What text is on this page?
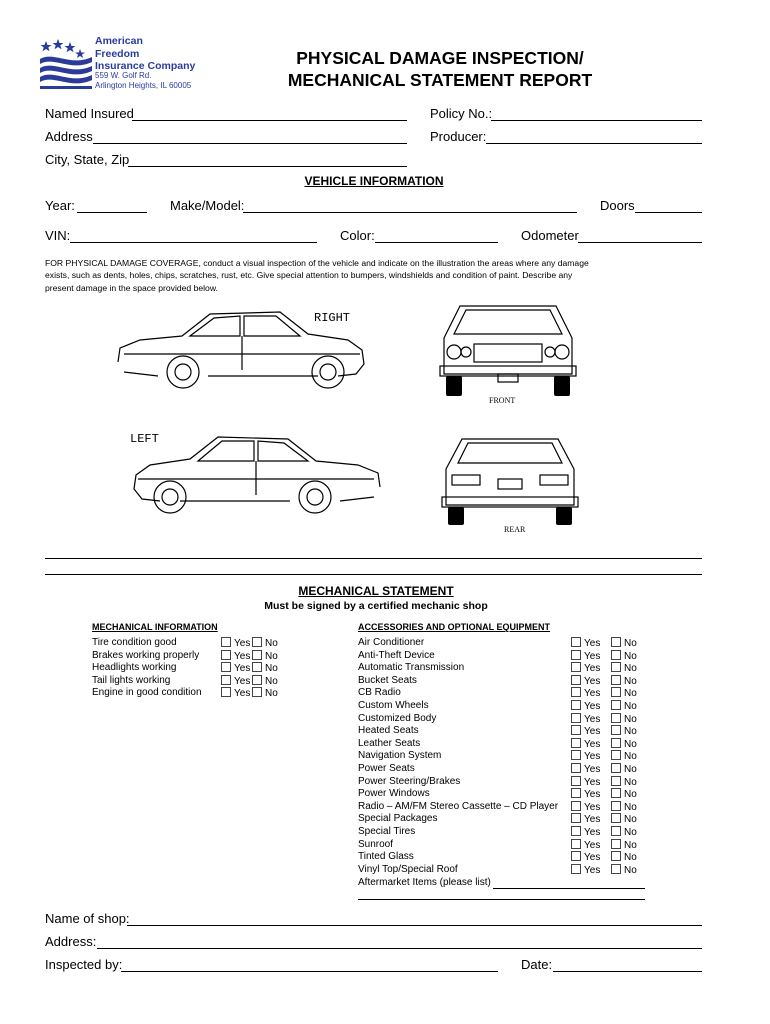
American
Freedom
Insurance Company
559 W. Golf Rd.
Arlington Heights, IL 60005
PHYSICAL DAMAGE INSPECTION/
MECHANICAL STATEMENT REPORT
Named Insured	Policy No.:
Address	Producer:
City, State, Zip
VEHICLE INFORMATION
Year:	Make/Model:	Doors
VIN:	Color:	Odometer
FOR PHYSICAL DAMAGE COVERAGE, conduct a visual inspection of the vehicle and indicate on the illustration the areas where any damage
exists, such as dents, holes, chips, scratches, rust, etc. Give special attention to bumpers, windshields and condition of paint. Describe any
present damage in the space provided below.
RIGHT
LEFT
FRONT
REAR
MECHANICAL STATEMENT
Must be signed by a certified mechanic shop
MECHANICAL INFORMATION	ACCESSORIES AND OPTIONAL EQUIPMENT
Tire condition good	Yes	No
Brakes working properly	Yes	No
Headlights working	Yes	No
Tail lights working	Yes	No
Engine in good condition	Yes	No
Air Conditioner	Yes	No
Anti-Theft Device	Yes	No
Automatic Transmission	Yes	No
Bucket Seats	Yes	No
CB Radio	Yes	No
Custom Wheels	Yes	No
Customized Body	Yes	No
Heated Seats	Yes	No
Leather Seats	Yes	No
Navigation System	Yes	No
Power Seats	Yes	No
Power Steering/Brakes	Yes	No
Power Windows	Yes	No
Radio – AM/FM Stereo Cassette – CD Player	Yes	No
Special Packages	Yes	No
Special Tires	Yes	No
Sunroof	Yes	No
Tinted Glass	Yes	No
Vinyl Top/Special Roof	Yes	No
Aftermarket Items (please list)
Name of shop:
Address:
Inspected by:	Date:
